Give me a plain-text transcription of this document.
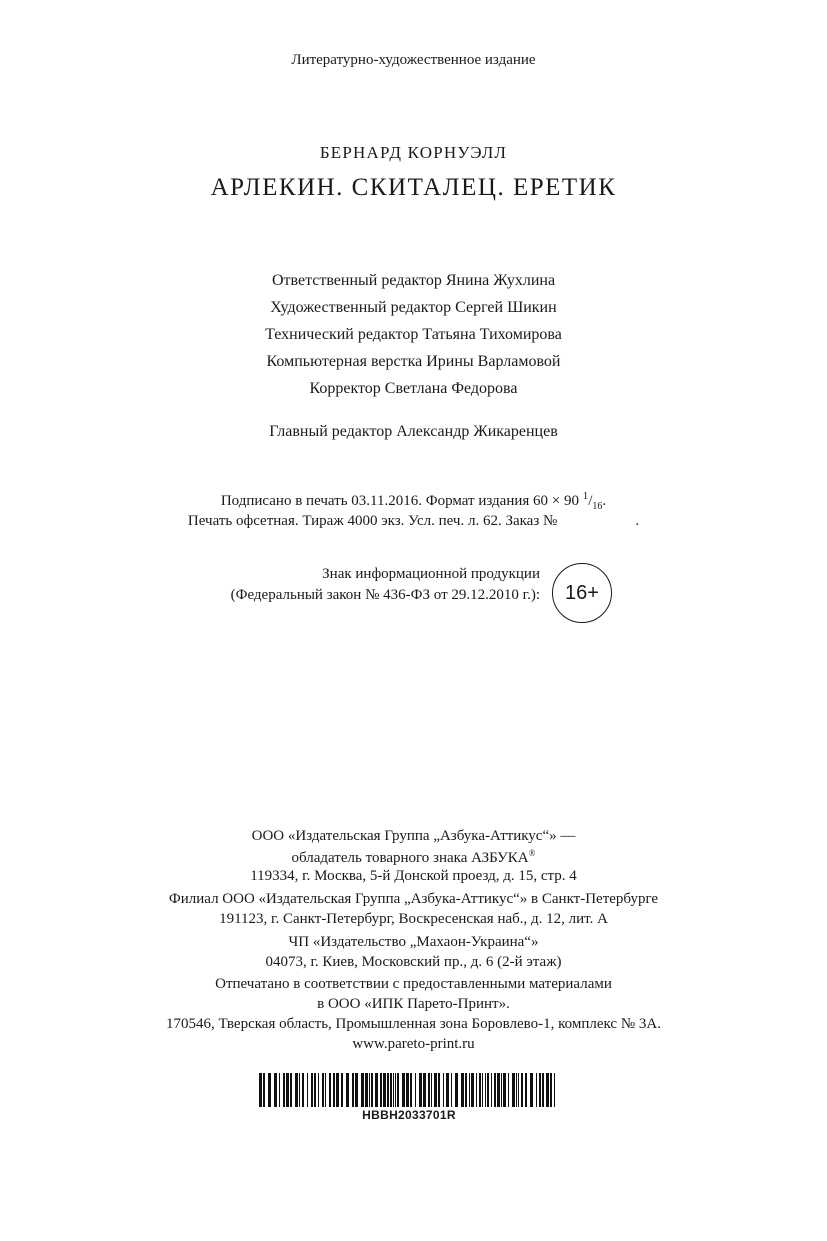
Литературно-художественное издание
БЕРНАРД КОРНУЭЛЛ
АРЛЕКИН. СКИТАЛЕЦ. ЕРЕТИК
Ответственный редактор Янина Жухлина
Художественный редактор Сергей Шикин
Технический редактор Татьяна Тихомирова
Компьютерная верстка Ирины Варламовой
Корректор Светлана Федорова
Главный редактор Александр Жикаренцев
Подписано в печать 03.11.2016. Формат издания 60 × 90 $^1/_{16}$.
Печать офсетная. Тираж 4000 экз. Усл. печ. л. 62. Заказ №	.
Знак информационной продукции
(Федеральный закон № 436-ФЗ от 29.12.2010 г.): 16+
ООО «Издательская Группа „Азбука-Аттикус“» —
обладатель товарного знака АЗБУКА®
119334, г. Москва, 5-й Донской проезд, д. 15, стр. 4
Филиал ООО «Издательская Группа „Азбука-Аттикус“» в Санкт-Петербурге
191123, г. Санкт-Петербург, Воскресенская наб., д. 12, лит. А
ЧП «Издательство „Махаон-Украина“»
04073, г. Киев, Московский пр., д. 6 (2-й этаж)
Отпечатано в соответствии с предоставленными материалами
в ООО «ИПК Парето-Принт».
170546, Тверская область, Промышленная зона Боровлево-1, комплекс № 3А.
www.pareto-print.ru
HBBH2033701R
